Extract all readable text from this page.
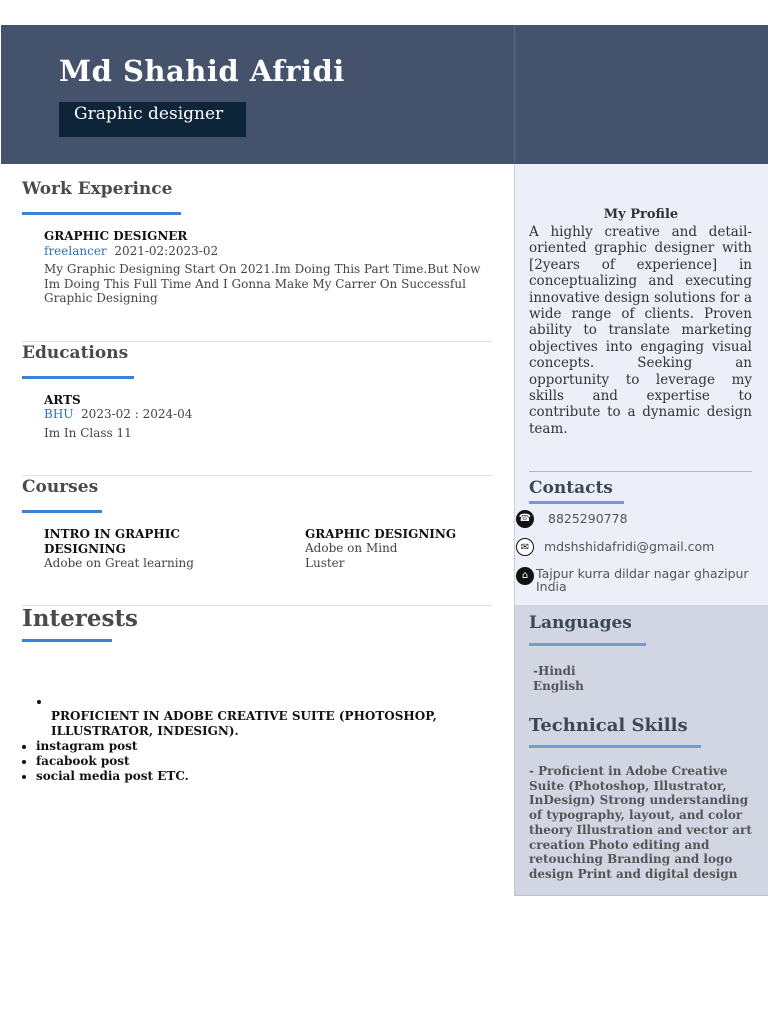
Md Shahid Afridi
Graphic designer
Work Experince
GRAPHIC DESIGNER
freelancer 2021-02:2023-02
My Graphic Designing Start On 2021.Im Doing This Part Time.But Now Im Doing This Full Time And I Gonna Make My Carrer On Successful Graphic Designing
Educations
ARTS
BHU 2023-02 : 2024-04
Im In Class 11
Courses
INTRO IN GRAPHIC DESIGNING
Adobe on Great learning
GRAPHIC DESIGNING
Adobe on Mind Luster
Interests
•
PROFICIENT IN ADOBE CREATIVE SUITE (PHOTOSHOP, ILLUSTRATOR, INDESIGN).
• instagram post
• facabook post
• social media post ETC.
My Profile
A highly creative and detail- oriented graphic designer with [2years of experience] in conceptualizing and executing innovative design solutions for a wide range of clients. Proven ability to translate marketing objectives into engaging visual concepts. Seeking an opportunity to leverage my skills and expertise to contribute to a dynamic design team.
Contacts
☎ 8825290778
✉	mdshshidafridi@gmail.com
⌂ Tajpur kurra dildar nagar ghazipur India
Languages
-Hindi
English
Technical Skills
- Proficient in Adobe Creative Suite (Photoshop, Illustrator, InDesign) Strong understanding of typography, layout, and color theory Illustration and vector art creation Photo editing and retouching Branding and logo design Print and digital design
